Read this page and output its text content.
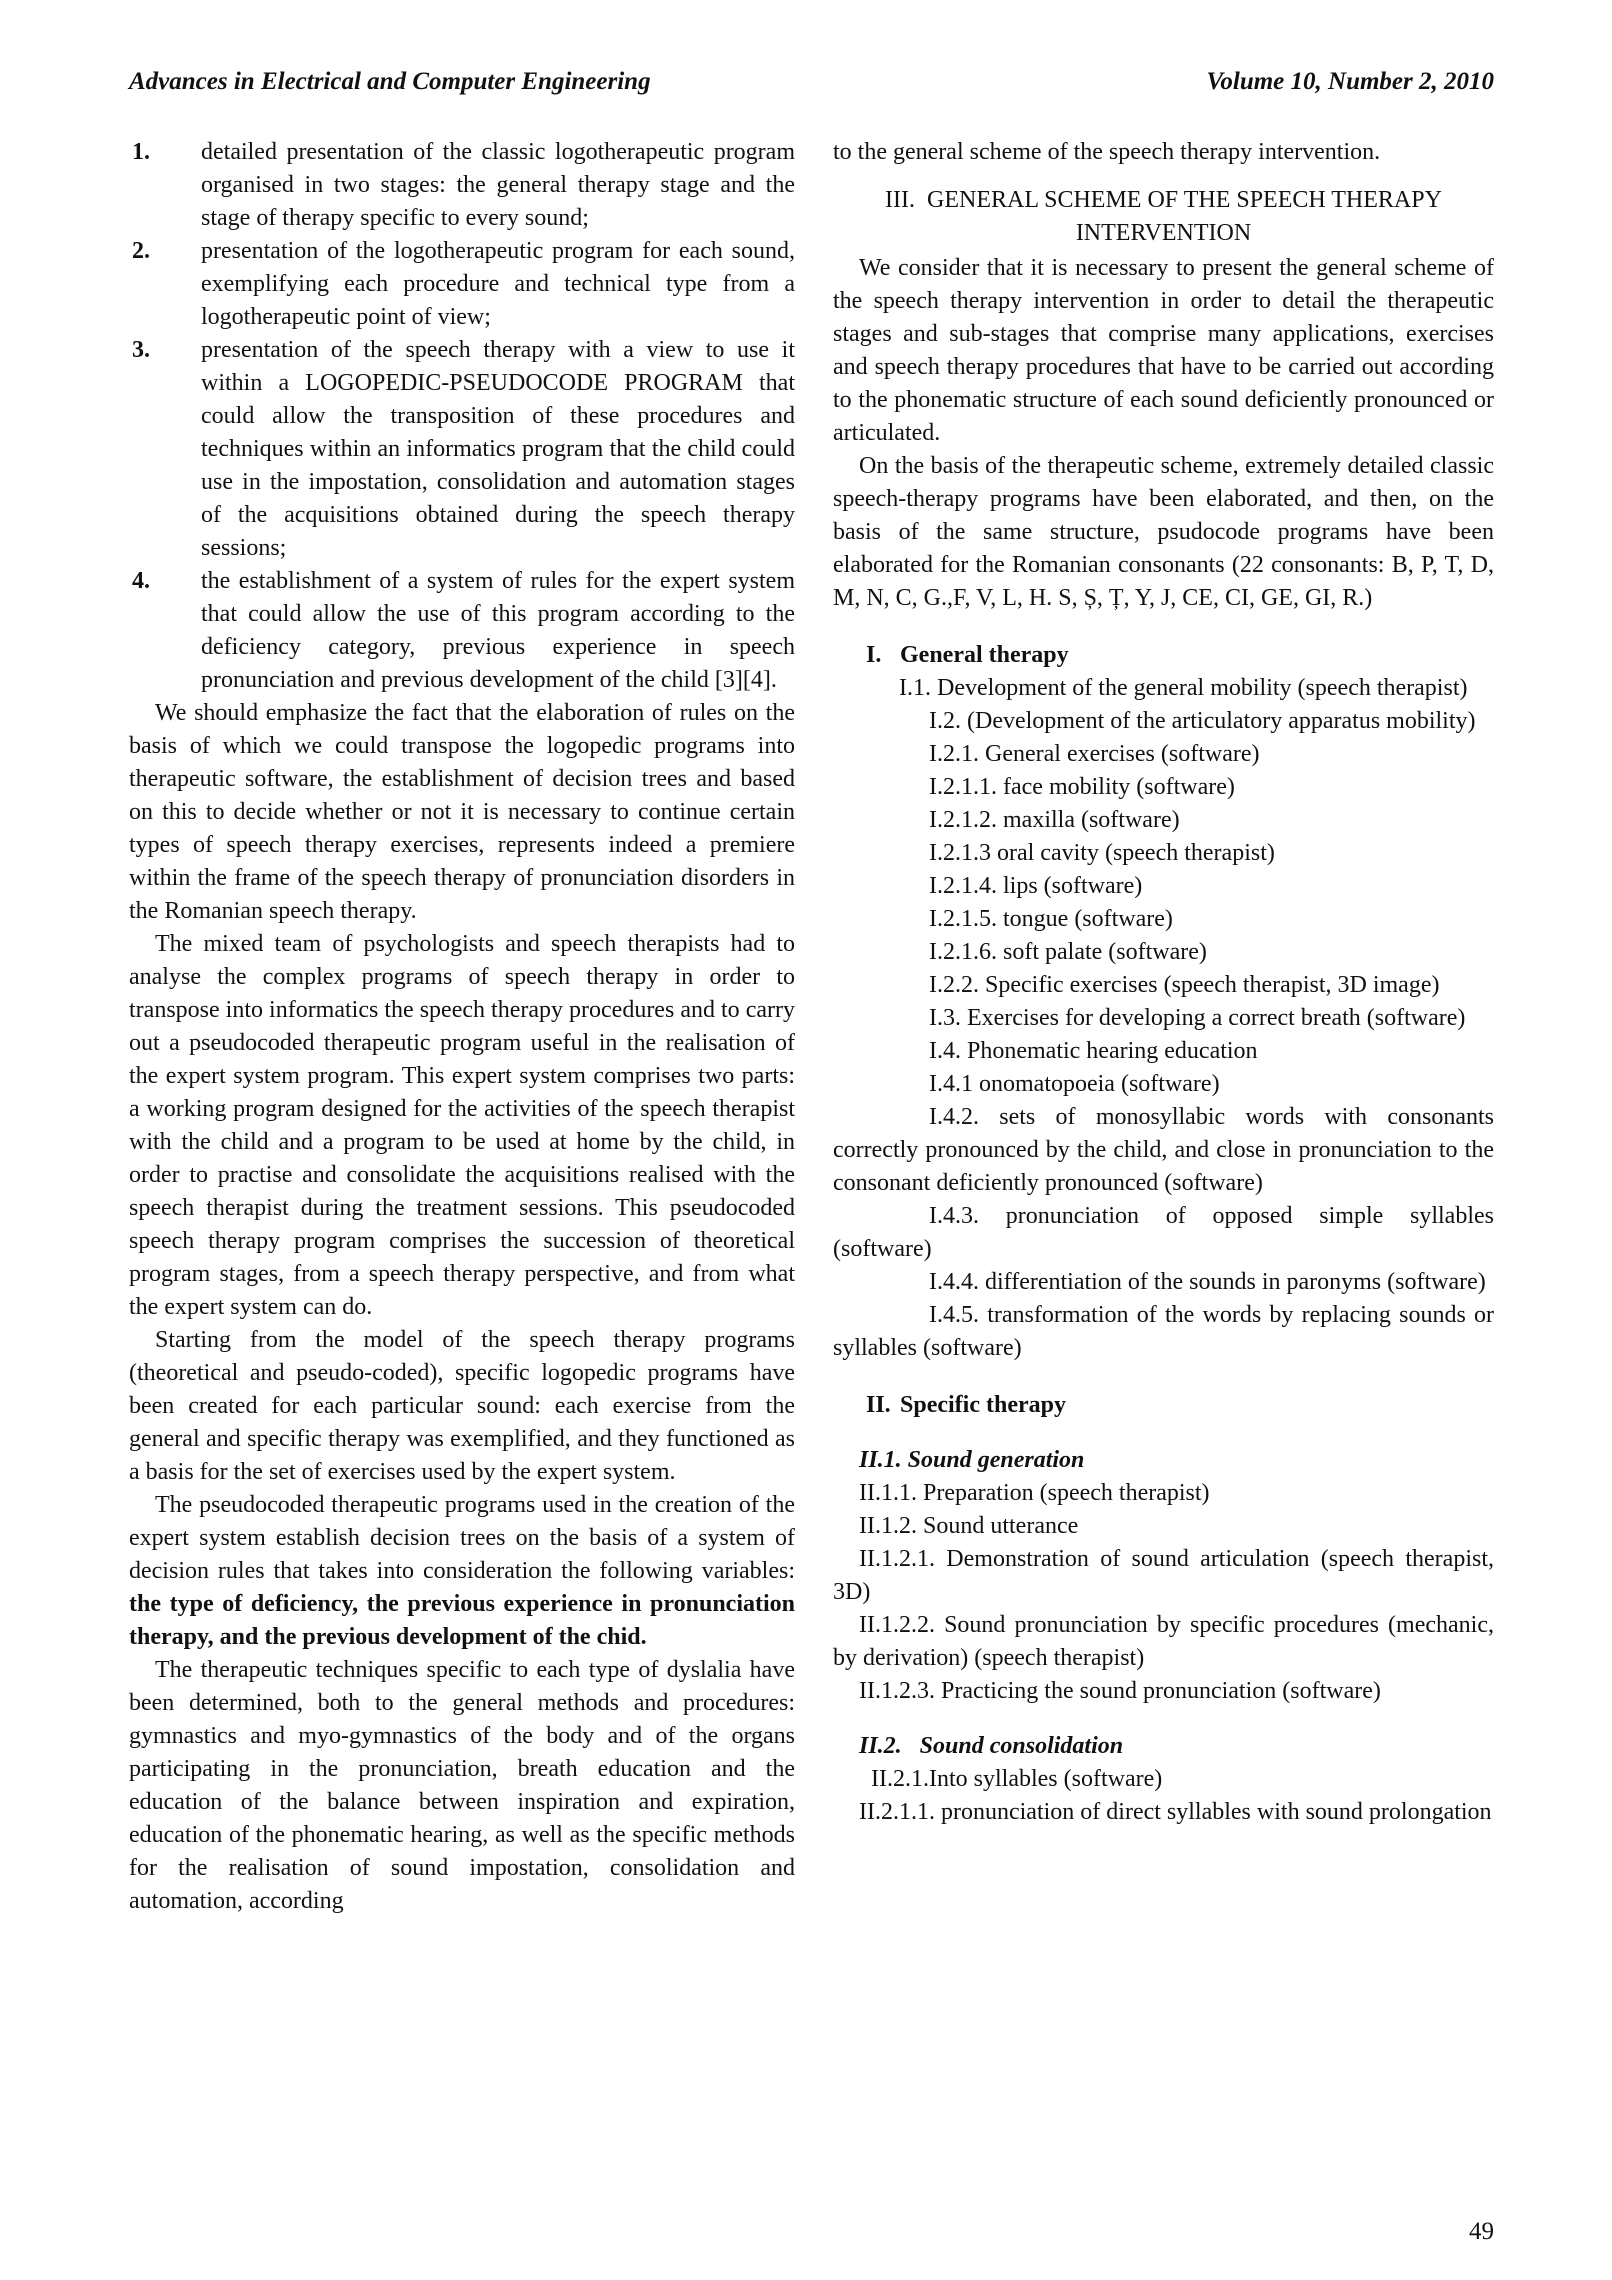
Advances in Electrical and Computer Engineering	Volume 10, Number 2, 2010
1. detailed presentation of the classic logotherapeutic program organised in two stages: the general therapy stage and the stage of therapy specific to every sound;
2. presentation of the logotherapeutic program for each sound, exemplifying each procedure and technical type from a logotherapeutic point of view;
3. presentation of the speech therapy with a view to use it within a LOGOPEDIC-PSEUDOCODE PROGRAM that could allow the transposition of these procedures and techniques within an informatics program that the child could use in the impostation, consolidation and automation stages of the acquisitions obtained during the speech therapy sessions;
4. the establishment of a system of rules for the expert system that could allow the use of this program according to the deficiency category, previous experience in speech pronunciation and previous development of the child [3][4].

We should emphasize the fact that the elaboration of rules on the basis of which we could transpose the logopedic programs into therapeutic software, the establishment of decision trees and based on this to decide whether or not it is necessary to continue certain types of speech therapy exercises, represents indeed a premiere within the frame of the speech therapy of pronunciation disorders in the Romanian speech therapy.

The mixed team of psychologists and speech therapists had to analyse the complex programs of speech therapy in order to transpose into informatics the speech therapy procedures and to carry out a pseudocoded therapeutic program useful in the realisation of the expert system program. This expert system comprises two parts: a working program designed for the activities of the speech therapist with the child and a program to be used at home by the child, in order to practise and consolidate the acquisitions realised with the speech therapist during the treatment sessions. This pseudocoded speech therapy program comprises the succession of theoretical program stages, from a speech therapy perspective, and from what the expert system can do.

Starting from the model of the speech therapy programs (theoretical and pseudo-coded), specific logopedic programs have been created for each particular sound: each exercise from the general and specific therapy was exemplified, and they functioned as a basis for the set of exercises used by the expert system.

The pseudocoded therapeutic programs used in the creation of the expert system establish decision trees on the basis of a system of decision rules that takes into consideration the following variables: the type of deficiency, the previous experience in pronunciation therapy, and the previous development of the chid.

The therapeutic techniques specific to each type of dyslalia have been determined, both to the general methods and procedures: gymnastics and myo-gymnastics of the body and of the organs participating in the pronunciation, breath education and the education of the balance between inspiration and expiration, education of the phonematic hearing, as well as the specific methods for the realisation of sound impostation, consolidation and automation, according

to the general scheme of the speech therapy intervention.

III.  GENERAL SCHEME OF THE SPEECH THERAPY INTERVENTION

We consider that it is necessary to present the general scheme of the speech therapy intervention in order to detail the therapeutic stages and sub-stages that comprise many applications, exercises and speech therapy procedures that have to be carried out according to the phonematic structure of each sound deficiently pronounced or articulated.

On the basis of the therapeutic scheme, extremely detailed classic speech-therapy programs have been elaborated, and then, on the basis of the same structure, psudocode programs have been elaborated for the Romanian consonants (22 consonants: B, P, T, D, M, N, C, G.,F, V, L, H. S, Ș, Ț, Y, J, CE, CI, GE, GI, R.)

I. General therapy

I.1. Development of the general mobility (speech therapist)

I.2. (Development of the articulatory apparatus mobility)

I.2.1. General exercises (software)

I.2.1.1. face mobility (software)

I.2.1.2. maxilla (software)

I.2.1.3 oral cavity (speech therapist)

I.2.1.4. lips (software)

I.2.1.5. tongue (software)

I.2.1.6. soft palate (software)

I.2.2. Specific exercises (speech therapist, 3D image)

I.3. Exercises for developing a correct breath (software)

I.4. Phonematic hearing education

I.4.1 onomatopoeia (software)

I.4.2. sets of monosyllabic words with consonants correctly pronounced by the child, and close in pronunciation to the consonant deficiently pronounced (software)

I.4.3. pronunciation of opposed simple syllables (software)

I.4.4. differentiation of the sounds in paronyms (software)

I.4.5. transformation of the words by replacing sounds or syllables (software)

II. Specific therapy

II.1. Sound generation

II.1.1. Preparation (speech therapist)

II.1.2. Sound utterance

II.1.2.1. Demonstration of sound articulation (speech therapist, 3D)

II.1.2.2. Sound pronunciation by specific procedures (mechanic, by derivation) (speech therapist)

II.1.2.3. Practicing the sound pronunciation (software)

II.2.   Sound consolidation

II.2.1.Into syllables (software)

II.2.1.1. pronunciation of direct syllables with sound prolongation

49
